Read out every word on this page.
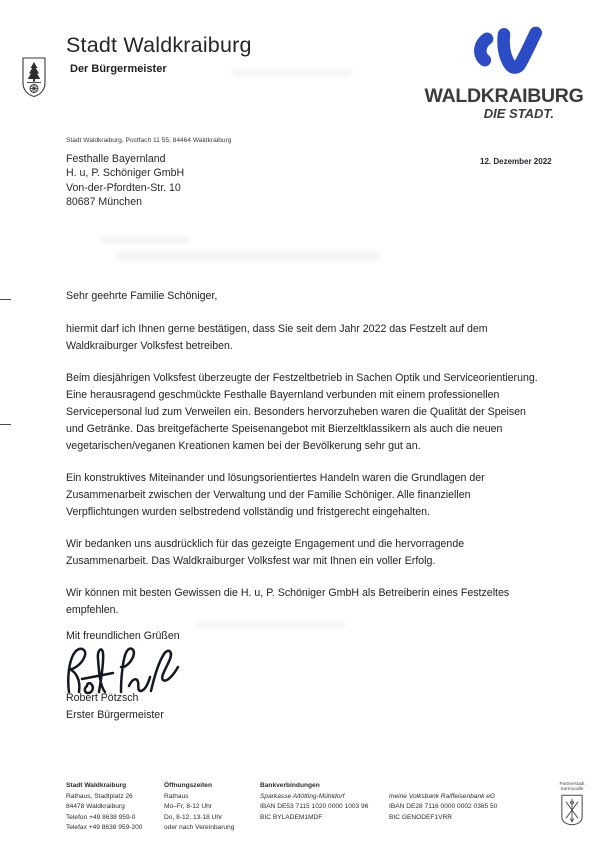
Stadt Waldkraiburg
Der Bürgermeister
WALDKRAIBURG
DIE STADT.
Stadt Waldkraiburg, Postfach 11 55, 84464 Waldkraiburg
Festhalle Bayernland
H. u, P. Schöniger GmbH
Von-der-Pfordten-Str. 10
80687 München
12. Dezember 2022
Sehr geehrte Familie Schöniger,
hiermit darf ich Ihnen gerne bestätigen, dass Sie seit dem Jahr 2022 das Festzelt auf dem
Waldkraiburger Volksfest betreiben.
Beim diesjährigen Volksfest überzeugte der Festzeltbetrieb in Sachen Optik und Serviceorientierung.
Eine herausragend geschmückte Festhalle Bayernland verbunden mit einem professionellen
Servicepersonal lud zum Verweilen ein. Besonders hervorzuheben waren die Qualität der Speisen
und Getränke. Das breitgefächerte Speisenangebot mit Bierzeltklassikern als auch die neuen
vegetarischen/veganen Kreationen kamen bei der Bevölkerung sehr gut an.
Ein konstruktives Miteinander und lösungsorientiertes Handeln waren die Grundlagen der
Zusammenarbeit zwischen der Verwaltung und der Familie Schöniger. Alle finanziellen
Verpflichtungen wurden selbstredend vollständig und fristgerecht eingehalten.
Wir bedanken uns ausdrücklich für das gezeigte Engagement und die hervorragende
Zusammenarbeit. Das Waldkraiburger Volksfest war mit Ihnen ein voller Erfolg.
Wir können mit besten Gewissen die H. u, P. Schöniger GmbH als Betreiberin eines Festzeltes
empfehlen.
Mit freundlichen Grüßen
Robert Pötzsch
Erster Bürgermeister
Stadt Waldkraiburg
Rathaus, Stadtplatz 26
84478 Waldkraiburg
Telefon +49 8638 959-0
Telefax +49 8638 959-200
Öffnungszeiten
Rathaus
Mo–Fr, 8-12 Uhr
Do, 8-12, 13-18 Uhr
oder nach Vereinbarung
Bankverbindungen
Sparkasse Altötting-Mühldorf
IBAN DE53 7115 1020 0000 1003 96
BIC BYLADEM1MDF
meine Volksbank Raiffeisenbank eG
IBAN DE28 7116 0000 0002 0365 50
BIC GENODEF1VRR
Partnerstadt
Sartrouville
